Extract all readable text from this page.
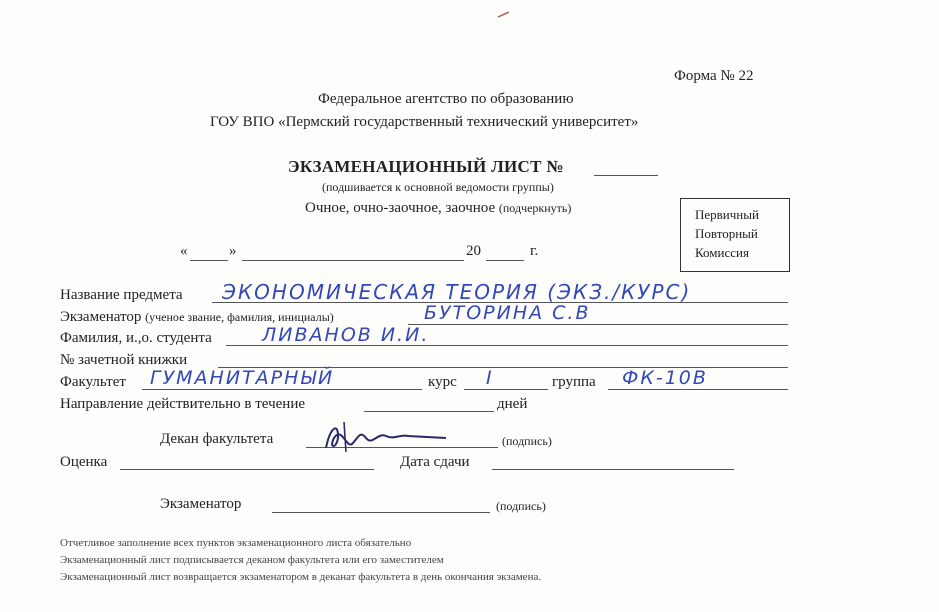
Форма № 22
Федеральное агентство по образованию
ГОУ ВПО «Пермский государственный технический университет»
ЭКЗАМЕНАЦИОННЫЙ ЛИСТ №
(подшивается к основной ведомости группы)
Очное, очно-заочное, заочное (подчеркнуть)
«	»	20	г.
Первичный
Повторный
Комиссия
Название предмета ЭКОНОМИЧЕСКАЯ ТЕОРИЯ (ЭКЗ./КУРС)
Экзаменатор (ученое звание, фамилия, инициалы)	БУТОРИНА С.В
Фамилия, и.,о. студента	ЛИВАНОВ И.И.
№ зачетной книжки
Факультет ГУМАНИТАРНЫЙ	курс I	группа ФК-10В
Направление действительно в течение	дней
Декан факультета	(подпись)
Оценка	Дата сдачи
Экзаменатор	(подпись)
Отчетливое заполнение всех пунктов экзаменационного листа обязательно
Экзаменационный лист подписывается деканом факультета или его заместителем
Экзаменационный лист возвращается экзаменатором в деканат факультета в день окончания экзамена.
